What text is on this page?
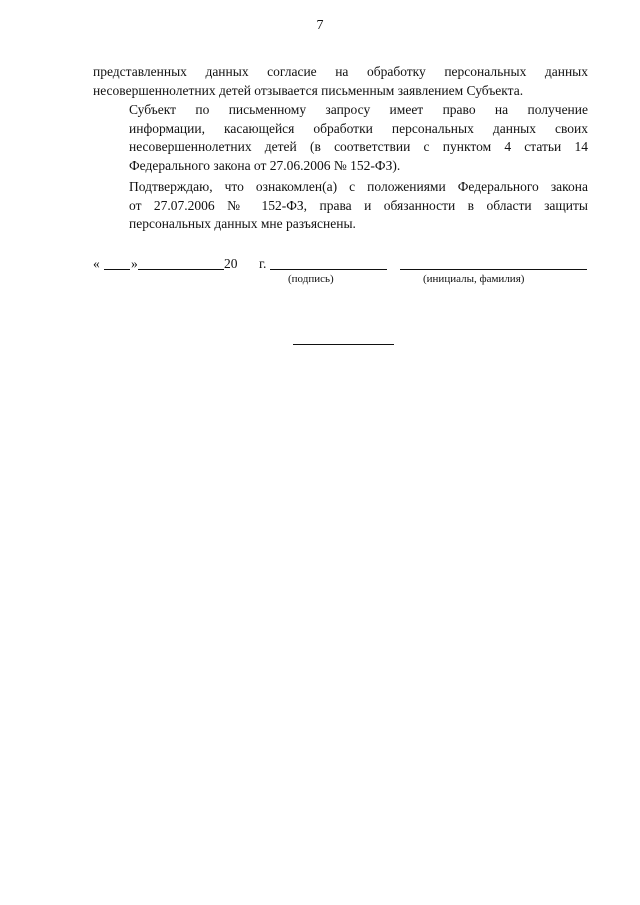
7
представленных данных согласие на обработку персональных данных
несовершеннолетних детей отзывается письменным заявлением Субъекта.
Субъект по письменному запросу имеет право на получение
информации, касающейся обработки персональных данных своих
несовершеннолетних детей (в соответствии с пунктом 4 статьи 14
Федерального закона от 27.06.2006 № 152-ФЗ).
Подтверждаю, что ознакомлен(а) с положениями Федерального закона
от 27.07.2006 № 152-ФЗ, права и обязанности в области защиты
персональных данных мне разъяснены.
« »	20 г.
(подпись)	(инициалы, фамилия)
